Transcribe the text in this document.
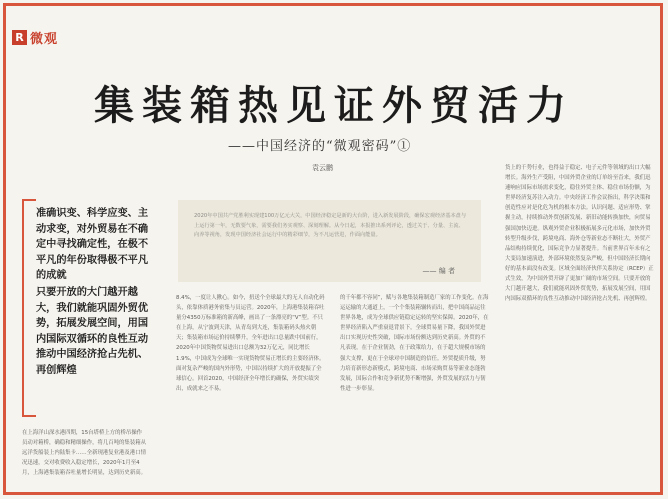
R 微观
集装箱热见证外贸活力
——中国经济的“微观密码”①
袁云鹏
2020年中国共产党胜利实现建100万亿元大关，中国经济稳定是新的大台阶，进入新发展阶段，确保宏观经济基本盘与上运行第一年，无数要气象，需要我们务实观察、深刻理解。从今日起，本报推出系列评论，透过关于、分量、主流、向养等视角，发现中国经济社会运行中的精彩细节，为不凡运营进，作面向能量。
—— 编 者
准确识变、科学应变、主动求变，对外贸易在不确定中寻找确定性，在极不平凡的年份取得极不平凡的成就
只要开放的大门越开越大，我们就能巩固外贸优势，拓展发展空间，用国内国际双循环的良性互动推动中国经济抢占先机、再创辉煌
在上海洋山深水港四期，15台塔桥上方的桥吊操作员动对箱桥，确稳和精细操作，将几百吨的集装箱从远洋货船装上内陆集卡……全新现港复业港及港口情况迅速，交对收费收入稳定增长，2020年1月至4月，上海港集装箱吞吐量增长明显，达到历史新高。
8.4%，一度让人揪心。如今，扭送个全球最大的无人自动化码头，依靠体质港务密集与员运营。2020年，上海港集装箱吞吐量分4350万标准箱的新高峰，画出了一条漂亮的“V”型。不只在上海，从宁波到天津，从青岛到大连，集装箱码头热火朝天；集装箱市场运价持续攀升，全年进出口总量跌中国前行，2020年中国货物贸易进出口总额为32万亿元，同比增长1.9%，中国成为全球唯一实现货物贸易正增长的主要经济体。面对复杂严峻的国内外形势，中国以持续扩大的开放提振了全球信心。回首2020，中国经济全年增长的确保，外贸实绩突出，成就来之不易。
的千年都不容同”，赋与各地集装箱制造厂家的工作变化。在海运运输的大通道上，一个个集装箱辗转而出，把中国商品运往世界各地，成为全球供应链稳定运转的坚实保障。2020年，在世界经济陷入严重衰退背景下，全球贸易量下降，我国外贸进出口实现历史性突破，国际市场份额达到历史新高。外贸的不凡表现，在于企业韧劲，在于政策给力，在于超大规模市场的强大支撑，更在于全球对中国制造的信任。外贸提质升级，努力培育新形态新模式，跨境电商、市场采购贸易等新业态蓬勃发展，国际合作和竞争新优势不断增强，外贸发展的活力与韧性进一步彰显。
货上的千势行业，也得益于稳定、电子元件等领域的出口大幅增长。海外生产受阻，中国外贸企业的订单纷至沓来，我们迅速响应国际市场需求变化，稳住外贸主体、稳住市场份额，为世界经济复苏注入动力。中央经济工作会议指出，科学决策和创造性应对是化危为机的根本方法。认识问题、适应形势、掌握主动，持续推动外贸创新发展、新旧动能转换加快，向贸易强国加快迈进。纵观外贸企业积极拓展多元化市场，加快外贸转型升级步伐，跨境电商、海外仓等新业态不断壮大，外贸产品结构持续优化，国际竞争力显著提升。当前世界百年未有之大变局加速演进，外部环境依然复杂严峻，但中国经济长期向好的基本面没有改变。区域全面经济伙伴关系协定（RCEP）正式生效，为中国外贸开辟了更加广阔的市场空间。只要开放的大门越开越大，我们就能巩固外贸优势，拓展发展空间，用国内国际双循环的良性互动推动中国经济抢占先机、再创辉煌。
